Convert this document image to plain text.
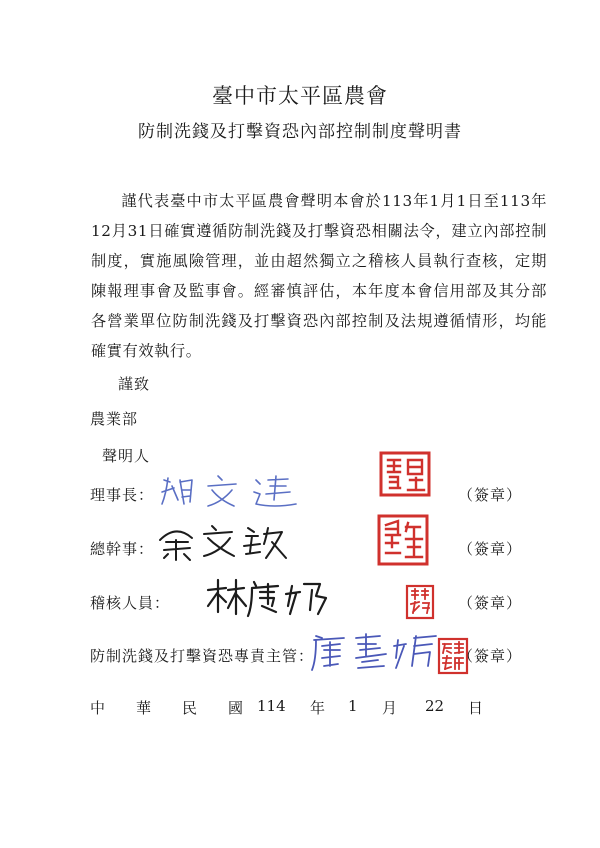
臺中市太平區農會
防制洗錢及打擊資恐內部控制制度聲明書
謹代表臺中市太平區農會聲明本會於113年1月1日至113年12月31日確實遵循防制洗錢及打擊資恐相關法令，建立內部控制制度，實施風險管理，並由超然獨立之稽核人員執行查核，定期陳報理事會及監事會。經審慎評估，本年度本會信用部及其分部各營業單位防制洗錢及打擊資恐內部控制及法規遵循情形，均能確實有效執行。
謹致
農業部
聲明人
理事長：	（簽章）
總幹事：	（簽章）
稽核人員：	（簽章）
防制洗錢及打擊資恐專責主管：	（簽章）
中 華 民 國 114 年 1 月 22 日
